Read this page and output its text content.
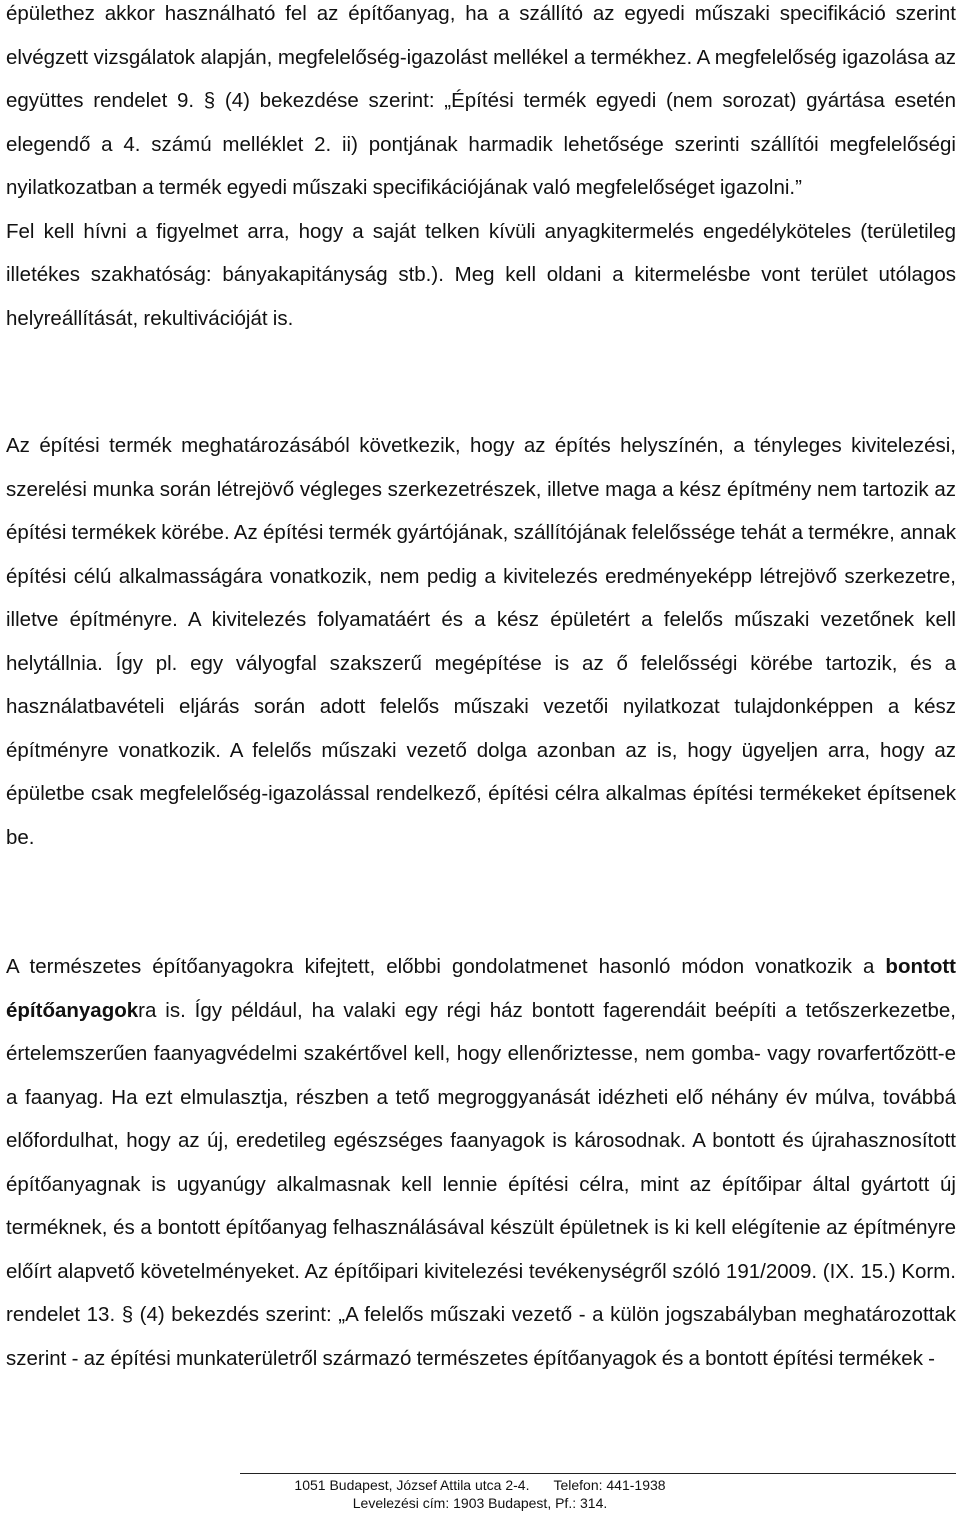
épülethez akkor használható fel az építőanyag, ha a szállító az egyedi műszaki specifikáció szerint elvégzett vizsgálatok alapján, megfelelőség-igazolást mellékel a termékhez. A megfelelőség igazolása az együttes rendelet 9. § (4) bekezdése szerint: „Építési termék egyedi (nem sorozat) gyártása esetén elegendő a 4. számú melléklet 2. ii) pontjának harmadik lehetősége szerinti szállítói megfelelőségi nyilatkozatban a termék egyedi műszaki specifikációjának való megfelelőséget igazolni.”
Fel kell hívni a figyelmet arra, hogy a saját telken kívüli anyagkitermelés engedélyköteles (területileg illetékes szakhatóság: bányakapitányság stb.). Meg kell oldani a kitermelésbe vont terület utólagos helyreállítását, rekultivációját is.

Az építési termék meghatározásából következik, hogy az építés helyszínén, a tényleges kivitelezési, szerelési munka során létrejövő végleges szerkezetrészek, illetve maga a kész építmény nem tartozik az építési termékek körébe. Az építési termék gyártójának, szállítójának felelőssége tehát a termékre, annak építési célú alkalmasságára vonatkozik, nem pedig a kivitelezés eredményeképp létrejövő szerkezetre, illetve építményre. A kivitelezés folyamatáért és a kész épületért a felelős műszaki vezetőnek kell helytállnia. Így pl. egy vályogfal szakszerű megépítése is az ő felelősségi körébe tartozik, és a használatbavételi eljárás során adott felelős műszaki vezetői nyilatkozat tulajdonképpen a kész építményre vonatkozik. A felelős műszaki vezető dolga azonban az is, hogy ügyeljen arra, hogy az épületbe csak megfelelőség-igazolással rendelkező, építési célra alkalmas építési termékeket építsenek be.

A természetes építőanyagokra kifejtett, előbbi gondolatmenet hasonló módon vonatkozik a bontott építőanyagokra is. Így például, ha valaki egy régi ház bontott fagerendáit beépíti a tetőszerkezetbe, értelemszerűen faanyagvédelmi szakértővel kell, hogy ellenőriztesse, nem gomba- vagy rovarfertőzött-e a faanyag. Ha ezt elmulasztja, részben a tető megroggyanását idézheti elő néhány év múlva, továbbá előfordulhat, hogy az új, eredetileg egészséges faanyagok is károsodnak. A bontott és újrahasznosított építőanyagnak is ugyanúgy alkalmasnak kell lennie építési célra, mint az építőipar által gyártott új terméknek, és a bontott építőanyag felhasználásával készült épületnek is ki kell elégítenie az építményre előírt alapvető követelményeket. Az építőipari kivitelezési tevékenységről szóló 191/2009. (IX. 15.) Korm. rendelet 13. § (4) bekezdés szerint: „A felelős műszaki vezető - a külön jogszabályban meghatározottak szerint - az építési munkaterületről származó természetes építőanyagok és a bontott építési termékek -

1051 Budapest, József Attila utca 2-4. Telefon: 441-1938
Levelezési cím: 1903 Budapest, Pf.: 314.
